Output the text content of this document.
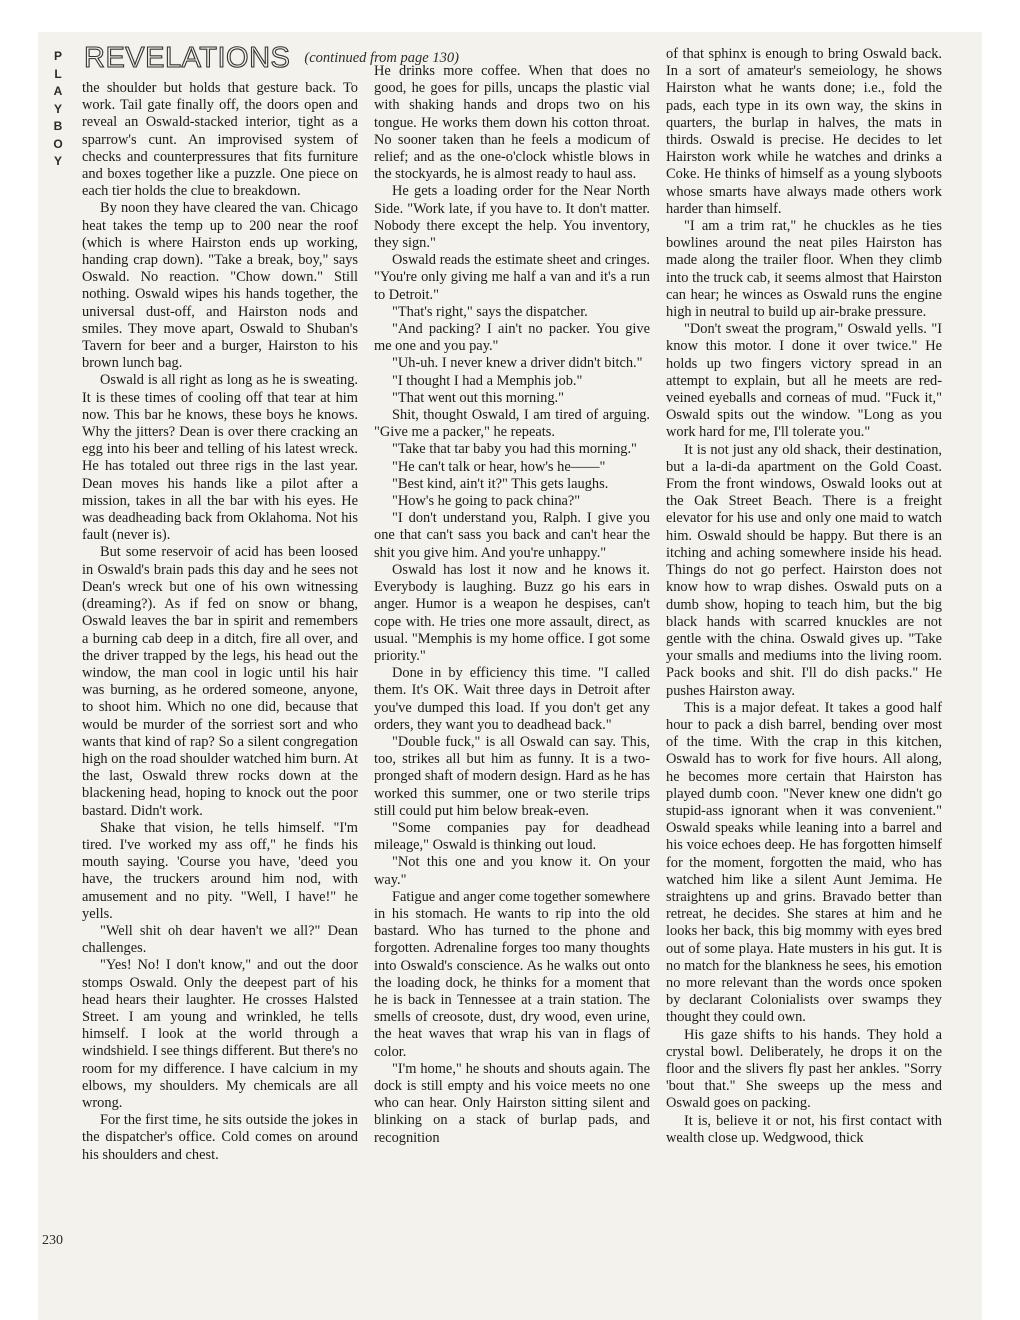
P
L
A
Y
B
O
Y
REVELATIONS (continued from page 130)

the shoulder but holds that gesture back. To work. Tail gate finally off, the doors open and reveal an Oswald-stacked interior, tight as a sparrow's cunt. An improvised system of checks and counterpressures that fits furniture and boxes together like a puzzle. One piece on each tier holds the clue to breakdown.

By noon they have cleared the van. Chicago heat takes the temp up to 200 near the roof (which is where Hairston ends up working, handing crap down). "Take a break, boy," says Oswald. No reaction. "Chow down." Still nothing. Oswald wipes his hands together, the universal dust-off, and Hairston nods and smiles. They move apart, Oswald to Shuban's Tavern for beer and a burger, Hairston to his brown lunch bag.

Oswald is all right as long as he is sweating. It is these times of cooling off that tear at him now. This bar he knows, these boys he knows. Why the jitters? Dean is over there cracking an egg into his beer and telling of his latest wreck. He has totaled out three rigs in the last year. Dean moves his hands like a pilot after a mission, takes in all the bar with his eyes. He was deadheading back from Oklahoma. Not his fault (never is).

But some reservoir of acid has been loosed in Oswald's brain pads this day and he sees not Dean's wreck but one of his own witnessing (dreaming?). As if fed on snow or bhang, Oswald leaves the bar in spirit and remembers a burning cab deep in a ditch, fire all over, and the driver trapped by the legs, his head out the window, the man cool in logic until his hair was burning, as he ordered someone, anyone, to shoot him. Which no one did, because that would be murder of the sorriest sort and who wants that kind of rap? So a silent congregation high on the road shoulder watched him burn. At the last, Oswald threw rocks down at the blackening head, hoping to knock out the poor bastard. Didn't work.

Shake that vision, he tells himself. "I'm tired. I've worked my ass off," he finds his mouth saying. 'Course you have, 'deed you have, the truckers around him nod, with amusement and no pity. "Well, I have!" he yells.

"Well shit oh dear haven't we all?" Dean challenges.

"Yes! No! I don't know," and out the door stomps Oswald. Only the deepest part of his head hears their laughter. He crosses Halsted Street. I am young and wrinkled, he tells himself. I look at the world through a windshield. I see things different. But there's no room for my difference. I have calcium in my elbows, my shoulders. My chemicals are all wrong.

For the first time, he sits outside the jokes in the dispatcher's office. Cold comes on around his shoulders and chest.

He drinks more coffee. When that does no good, he goes for pills, uncaps the plastic vial with shaking hands and drops two on his tongue. He works them down his cotton throat. No sooner taken than he feels a modicum of relief; and as the one-o'clock whistle blows in the stockyards, he is almost ready to haul ass.

He gets a loading order for the Near North Side. "Work late, if you have to. It don't matter. Nobody there except the help. You inventory, they sign."

Oswald reads the estimate sheet and cringes. "You're only giving me half a van and it's a run to Detroit."

"That's right," says the dispatcher.

"And packing? I ain't no packer. You give me one and you pay."

"Uh-uh. I never knew a driver didn't bitch."

"I thought I had a Memphis job."

"That went out this morning."

Shit, thought Oswald, I am tired of arguing. "Give me a packer," he repeats.

"Take that tar baby you had this morning."

"He can't talk or hear, how's he——"

"Best kind, ain't it?" This gets laughs.

"How's he going to pack china?"

"I don't understand you, Ralph. I give you one that can't sass you back and can't hear the shit you give him. And you're unhappy."

Oswald has lost it now and he knows it. Everybody is laughing. Buzz go his ears in anger. Humor is a weapon he despises, can't cope with. He tries one more assault, direct, as usual. "Memphis is my home office. I got some priority."

Done in by efficiency this time. "I called them. It's OK. Wait three days in Detroit after you've dumped this load. If you don't get any orders, they want you to deadhead back."

"Double fuck," is all Oswald can say. This, too, strikes all but him as funny. It is a two-pronged shaft of modern design. Hard as he has worked this summer, one or two sterile trips still could put him below break-even.

"Some companies pay for deadhead mileage," Oswald is thinking out loud.

"Not this one and you know it. On your way."

Fatigue and anger come together somewhere in his stomach. He wants to rip into the old bastard. Who has turned to the phone and forgotten. Adrenaline forges too many thoughts into Oswald's conscience. As he walks out onto the loading dock, he thinks for a moment that he is back in Tennessee at a train station. The smells of creosote, dust, dry wood, even urine, the heat waves that wrap his van in flags of color.

"I'm home," he shouts and shouts again. The dock is still empty and his voice meets no one who can hear. Only Hairston sitting silent and blinking on a stack of burlap pads, and recognition

of that sphinx is enough to bring Oswald back. In a sort of amateur's semeiology, he shows Hairston what he wants done; i.e., fold the pads, each type in its own way, the skins in quarters, the burlap in halves, the mats in thirds. Oswald is precise. He decides to let Hairston work while he watches and drinks a Coke. He thinks of himself as a young slyboots whose smarts have always made others work harder than himself.

"I am a trim rat," he chuckles as he ties bowlines around the neat piles Hairston has made along the trailer floor. When they climb into the truck cab, it seems almost that Hairston can hear; he winces as Oswald runs the engine high in neutral to build up air-brake pressure.

"Don't sweat the program," Oswald yells. "I know this motor. I done it over twice." He holds up two fingers victory spread in an attempt to explain, but all he meets are red-veined eyeballs and corneas of mud. "Fuck it," Oswald spits out the window. "Long as you work hard for me, I'll tolerate you."

It is not just any old shack, their destination, but a la-di-da apartment on the Gold Coast. From the front windows, Oswald looks out at the Oak Street Beach. There is a freight elevator for his use and only one maid to watch him. Oswald should be happy. But there is an itching and aching somewhere inside his head. Things do not go perfect. Hairston does not know how to wrap dishes. Oswald puts on a dumb show, hoping to teach him, but the big black hands with scarred knuckles are not gentle with the china. Oswald gives up. "Take your smalls and mediums into the living room. Pack books and shit. I'll do dish packs." He pushes Hairston away.

This is a major defeat. It takes a good half hour to pack a dish barrel, bending over most of the time. With the crap in this kitchen, Oswald has to work for five hours. All along, he becomes more certain that Hairston has played dumb coon. "Never knew one didn't go stupid-ass ignorant when it was convenient." Oswald speaks while leaning into a barrel and his voice echoes deep. He has forgotten himself for the moment, forgotten the maid, who has watched him like a silent Aunt Jemima. He straightens up and grins. Bravado better than retreat, he decides. She stares at him and he looks her back, this big mommy with eyes bred out of some playa. Hate musters in his gut. It is no match for the blankness he sees, his emotion no more relevant than the words once spoken by declarant Colonialists over swamps they thought they could own.

His gaze shifts to his hands. They hold a crystal bowl. Deliberately, he drops it on the floor and the slivers fly past her ankles. "Sorry 'bout that." She sweeps up the mess and Oswald goes on packing.

It is, believe it or not, his first contact with wealth close up. Wedgwood, thick

230
